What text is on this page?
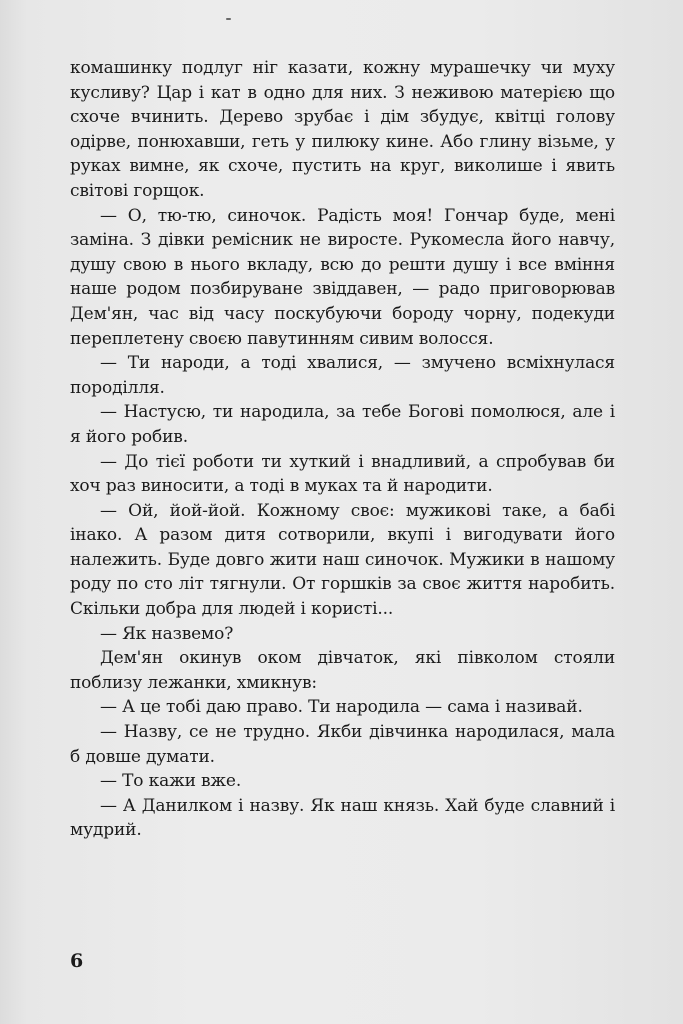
комашинку подлуг ніг казати, кожну мурашечку чи муху кусливу? Цар і кат в одно для них. З неживою матерією що схоче вчинить. Дерево зрубає і дім збудує, квітці голову одірве, понюхавши, геть у пилюку кине. Або глину візьме, у руках вимне, як схоче, пустить на круг, виколише і явить світові горщок.

— О, тю-тю, синочок. Радість моя! Гончар буде, мені заміна. З дівки ремісник не виросте. Рукомесла його навчу, душу свою в нього вкладу, всю до решти душу і все вміння наше родом позбируване звіддавен, — радо приговорював Дем'ян, час від часу поскубуючи бороду чорну, подекуди переплетену своєю павутинням сивим волосся.

— Ти народи, а тоді хвалися, — змучено всміхнулася породілля.

— Настусю, ти народила, за тебе Богові помолюся, але і я його робив.

— До тієї роботи ти хуткий і внадливий, а спробував би хоч раз виносити, а тоді в муках та й народити.

— Ой, йой-йой. Кожному своє: мужикові таке, а бабі інако. А разом дитя сотворили, вкупі і вигодувати його належить. Буде довго жити наш синочок. Мужики в нашому роду по сто літ тягнули. От горшків за своє життя наробить. Скільки добра для людей і користі...

— Як назвемо?

Дем'ян окинув оком дівчаток, які півколом стояли поблизу лежанки, хмикнув:

— А це тобі даю право. Ти народила — сама і називай.

— Назву, се не трудно. Якби дівчинка народилася, мала б довше думати.

— То кажи вже.

— А Данилком і назву. Як наш князь. Хай буде славний і мудрий.

6
